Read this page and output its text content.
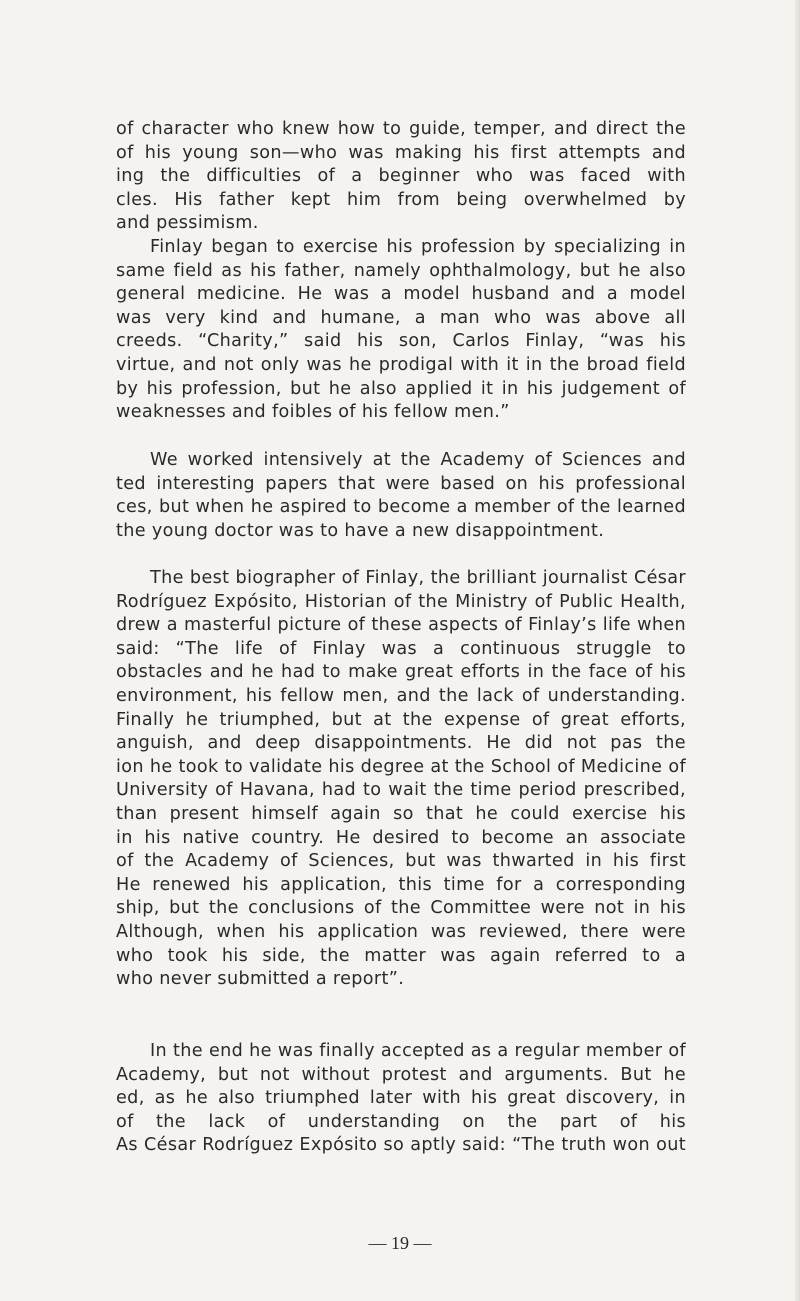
of character who knew how to guide, temper, and direct the
of his young son—who was making his first attempts and
ing the difficulties of a beginner who was faced with
cles. His father kept him from being overwhelmed by
and pessimism.
Finlay began to exercise his profession by specializing in
same field as his father, namely ophthalmology, but he also
general medicine. He was a model husband and a model
was very kind and humane, a man who was above all
creeds. “Charity,” said his son, Carlos Finlay, “was his
virtue, and not only was he prodigal with it in the broad field
by his profession, but he also applied it in his judgement of
weaknesses and foibles of his fellow men.”
We worked intensively at the Academy of Sciences and
ted interesting papers that were based on his professional
ces, but when he aspired to become a member of the learned
the young doctor was to have a new disappointment.
The best biographer of Finlay, the brilliant journalist César
Rodríguez Expósito, Historian of the Ministry of Public Health,
drew a masterful picture of these aspects of Finlay’s life when
said: “The life of Finlay was a continuous struggle to
obstacles and he had to make great efforts in the face of his
environment, his fellow men, and the lack of understanding.
Finally he triumphed, but at the expense of great efforts,
anguish, and deep disappointments. He did not pas the
ion he took to validate his degree at the School of Medicine of
University of Havana, had to wait the time period prescribed,
than present himself again so that he could exercise his
in his native country. He desired to become an associate
of the Academy of Sciences, but was thwarted in his first
He renewed his application, this time for a corresponding
ship, but the conclusions of the Committee were not in his
Although, when his application was reviewed, there were
who took his side, the matter was again referred to a
who never submitted a report”.
In the end he was finally accepted as a regular member of
Academy, but not without protest and arguments. But he
ed, as he also triumphed later with his great discovery, in
of the lack of understanding on the part of his
As César Rodríguez Expósito so aptly said: “The truth won out
— 19 —
